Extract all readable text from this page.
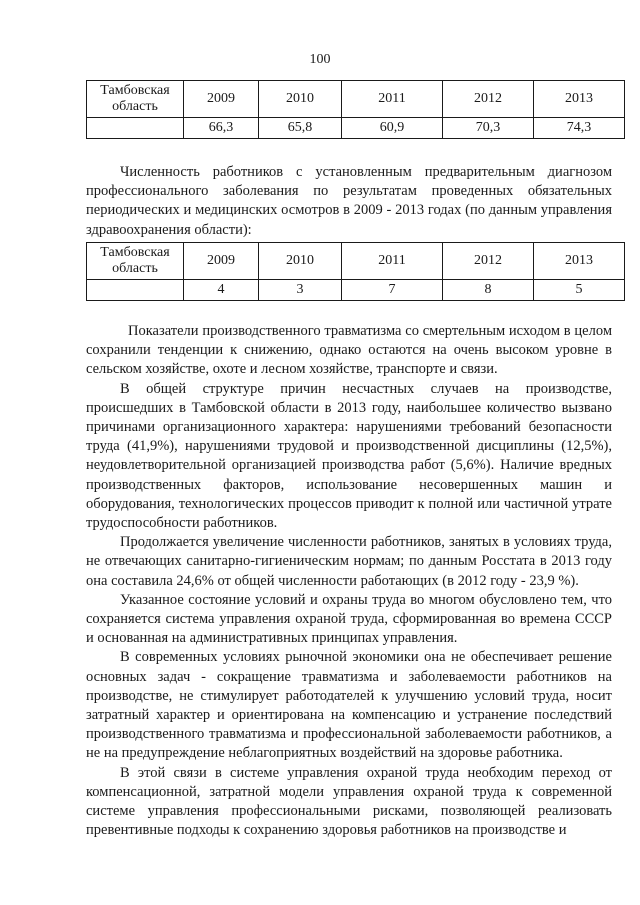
100
Тамбовская область	2009	2010	2011	2012	2013
	66,3	65,8	60,9	70,3	74,3

Численность работников с установленным предварительным диагнозом профессионального заболевания по результатам проведенных обязательных периодических и медицинских осмотров в 2009 - 2013 годах (по данным управления здравоохранения области):

Тамбовская область	2009	2010	2011	2012	2013
	4	3	7	8	5

Показатели производственного травматизма со смертельным исходом в целом сохранили тенденции к снижению, однако остаются на очень высоком уровне в сельском хозяйстве, охоте и лесном хозяйстве, транспорте и связи.

В общей структуре причин несчастных случаев на производстве, происшедших в Тамбовской области в 2013 году, наибольшее количество вызвано причинами организационного характера: нарушениями требований безопасности труда (41,9%), нарушениями трудовой и производственной дисциплины (12,5%), неудовлетворительной организацией производства работ (5,6%). Наличие вредных производственных факторов, использование несовершенных машин и оборудования, технологических процессов приводит к полной или частичной утрате трудоспособности работников.

Продолжается увеличение численности работников, занятых в условиях труда, не отвечающих санитарно-гигиеническим нормам; по данным Росстата в 2013 году она составила 24,6% от общей численности работающих (в 2012 году - 23,9 %).

Указанное состояние условий и охраны труда во многом обусловлено тем, что сохраняется система управления охраной труда, сформированная во времена СССР и основанная на административных принципах управления.

В современных условиях рыночной экономики она не обеспечивает решение основных задач - сокращение травматизма и заболеваемости работников на производстве, не стимулирует работодателей к улучшению условий труда, носит затратный характер и ориентирована на компенсацию и устранение последствий производственного травматизма и профессиональной заболеваемости работников, а не на предупреждение неблагоприятных воздействий на здоровье работника.

В этой связи в системе управления охраной труда необходим переход от компенсационной, затратной модели управления охраной труда к современной системе управления профессиональными рисками, позволяющей реализовать превентивные подходы к сохранению здоровья работников на производстве и
